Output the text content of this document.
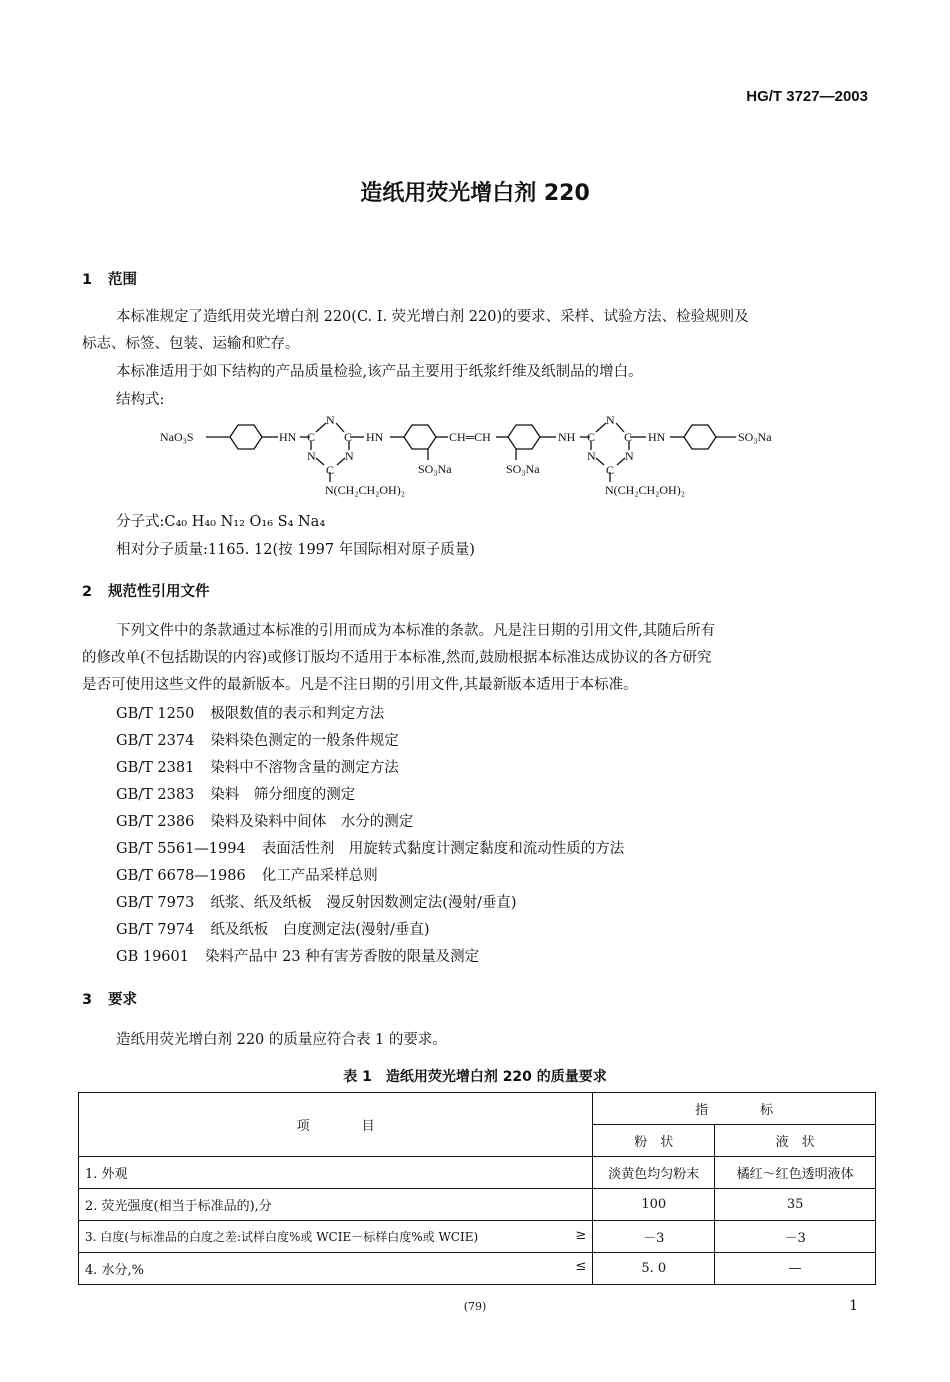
HG/T 3727—2003
造纸用荧光增白剂 220
1 范围
本标准规定了造纸用荧光增白剂 220(C. I. 荧光增白剂 220)的要求、采样、试验方法、检验规则及
标志、标签、包装、运输和贮存。
本标准适用于如下结构的产品质量检验,该产品主要用于纸浆纤维及纸制品的增白。
结构式:
NaO₃S	HN C
N
C
N N
C
HN	CH═CH
SO₃Na	SO₃Na
NH C
N
C
N N
C
HN	SO₃Na
N(CH₂CH₂OH)₂	N(CH₂CH₂OH)₂
分子式:C₄₀ H₄₀ N₁₂ O₁₆ S₄ Na₄
相对分子质量:1165. 12(按 1997 年国际相对原子质量)
2 规范性引用文件
下列文件中的条款通过本标准的引用而成为本标准的条款。凡是注日期的引用文件,其随后所有
的修改单(不包括勘误的内容)或修订版均不适用于本标准,然而,鼓励根据本标准达成协议的各方研究
是否可使用这些文件的最新版本。凡是不注日期的引用文件,其最新版本适用于本标准。
GB/T 1250 极限数值的表示和判定方法
GB/T 2374 染料染色测定的一般条件规定
GB/T 2381 染料中不溶物含量的测定方法
GB/T 2383 染料　筛分细度的测定
GB/T 2386 染料及染料中间体　水分的测定
GB/T 5561—1994 表面活性剂　用旋转式黏度计测定黏度和流动性质的方法
GB/T 6678—1986 化工产品采样总则
GB/T 7973 纸浆、纸及纸板　漫反射因数测定法(漫射/垂直)
GB/T 7974 纸及纸板　白度测定法(漫射/垂直)
GB 19601 染料产品中 23 种有害芳香胺的限量及测定
3 要求
造纸用荧光增白剂 220 的质量应符合表 1 的要求。
表 1　造纸用荧光增白剂 220 的质量要求
项　　　　目	指　　　　标	
	粉　状	液　状
1. 外观	淡黄色均匀粉末	橘红～红色透明液体
2. 荧光强度(相当于标准品的),分	100	35
3. 白度(与标准品的白度之差:试样白度%或 WCIE－标样白度%或 WCIE) ≥	－3	－3
4. 水分,% ≤	5. 0	—
(79)	1
